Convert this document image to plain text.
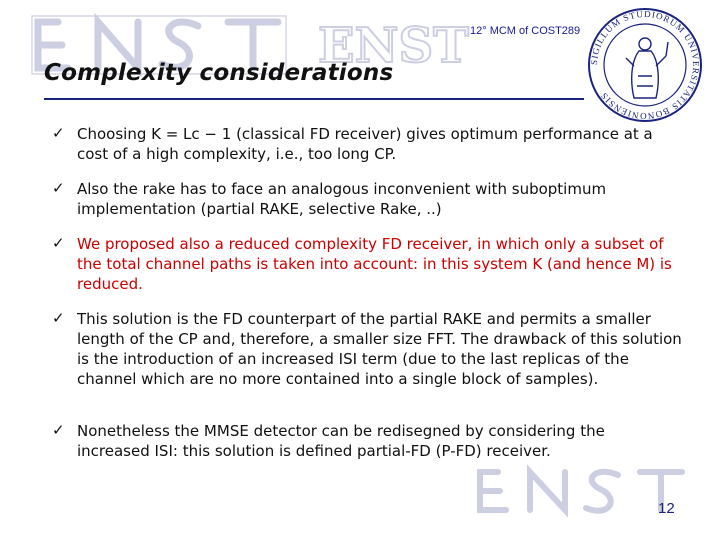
ENST 12° MCM of COST289
SIGILLUM STUDIORUM UNIVERSITATIS BONONIENSIS
Complexity considerations
✓ Choosing K = Lc − 1 (classical FD receiver) gives optimum performance at a cost of a high complexity, i.e., too long CP.
✓ Also the rake has to face an analogous inconvenient with suboptimum implementation (partial RAKE, selective Rake, ..)
✓ We proposed also a reduced complexity FD receiver, in which only a subset of the total channel paths is taken into account: in this system K (and hence M) is reduced.
✓ This solution is the FD counterpart of the partial RAKE and permits a smaller length of the CP and, therefore, a smaller size FFT. The drawback of this solution is the introduction of an increased ISI term (due to the last replicas of the channel which are no more contained into a single block of samples).
✓ Nonetheless the MMSE detector can be redisegned by considering the increased ISI: this solution is defined partial-FD (P-FD) receiver.
12
